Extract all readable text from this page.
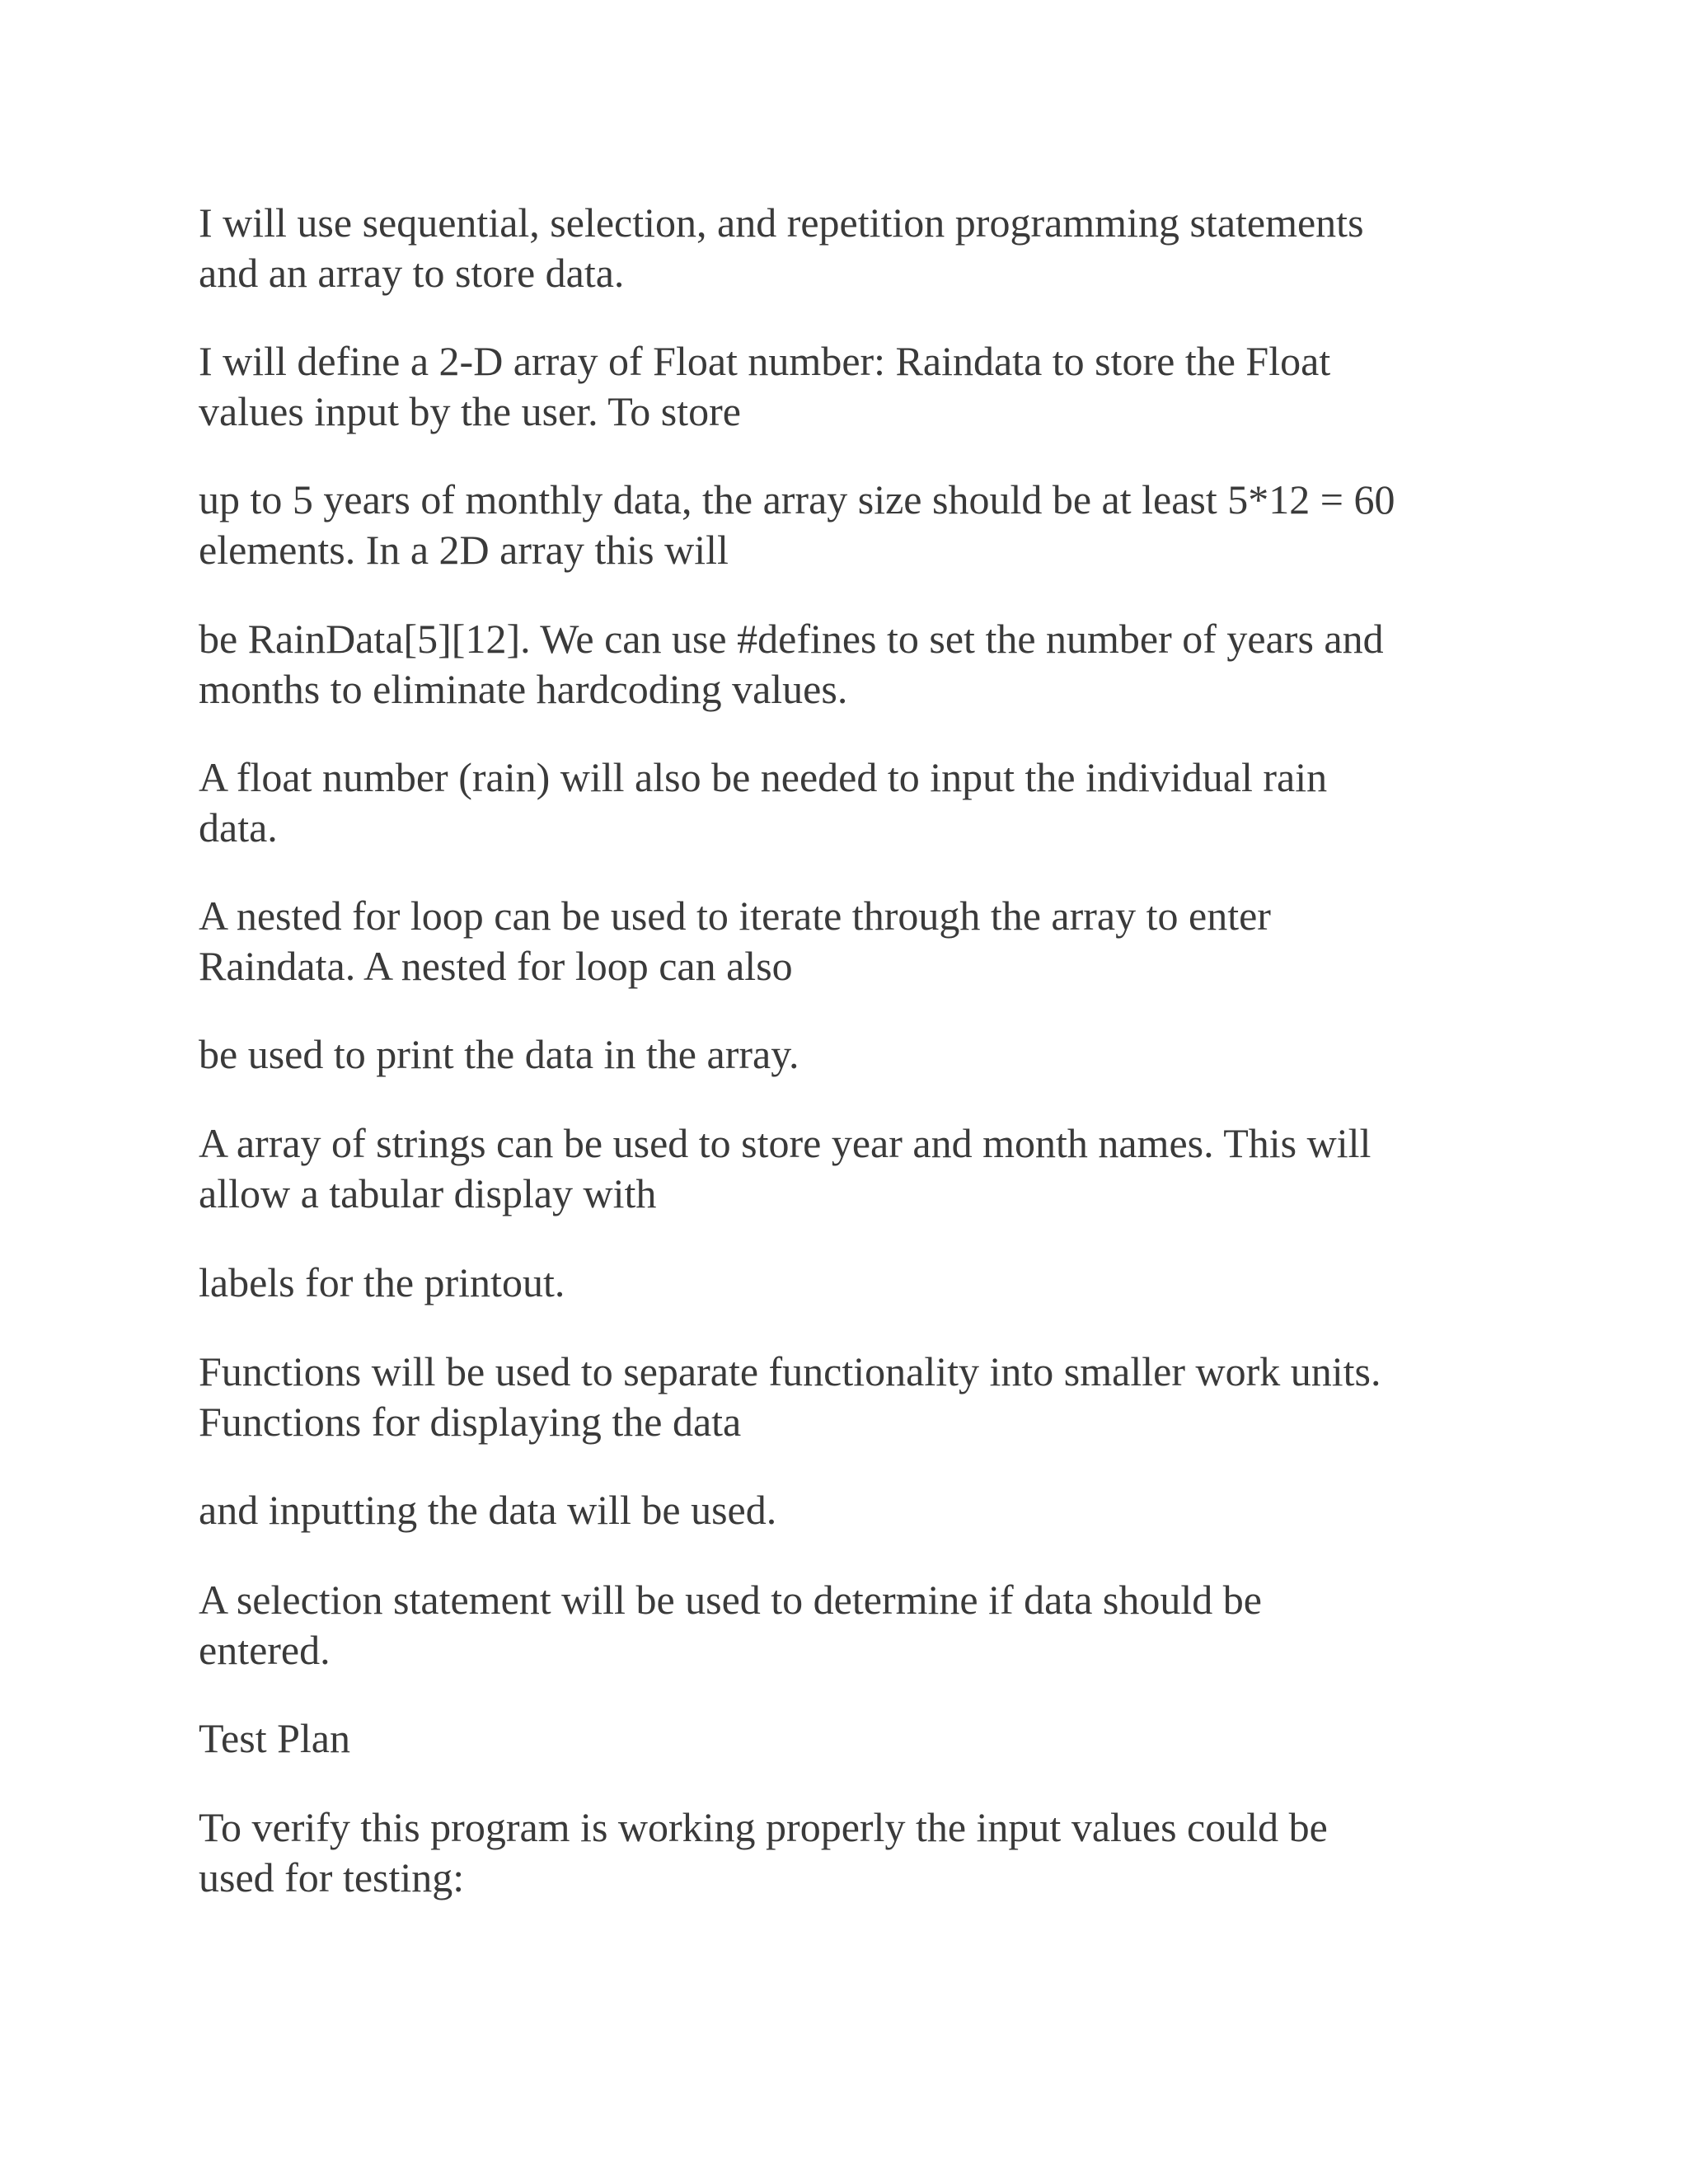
I will use sequential, selection, and repetition programming statements
and an array to store data.

I will define a 2-D array of Float number: Raindata to store the Float
values input by the user. To store

up to 5 years of monthly data, the array size should be at least 5*12 = 60
elements. In a 2D array this will

be RainData[5][12]. We can use #defines to set the number of years and
months to eliminate hardcoding values.

A float number (rain) will also be needed to input the individual rain
data.

A nested for loop can be used to iterate through the array to enter
Raindata. A nested for loop can also

be used to print the data in the array.

A array of strings can be used to store year and month names. This will
allow a tabular display with

labels for the printout.

Functions will be used to separate functionality into smaller work units.
Functions for displaying the data

and inputting the data will be used.

A selection statement will be used to determine if data should be
entered.

Test Plan

To verify this program is working properly the input values could be
used for testing:
